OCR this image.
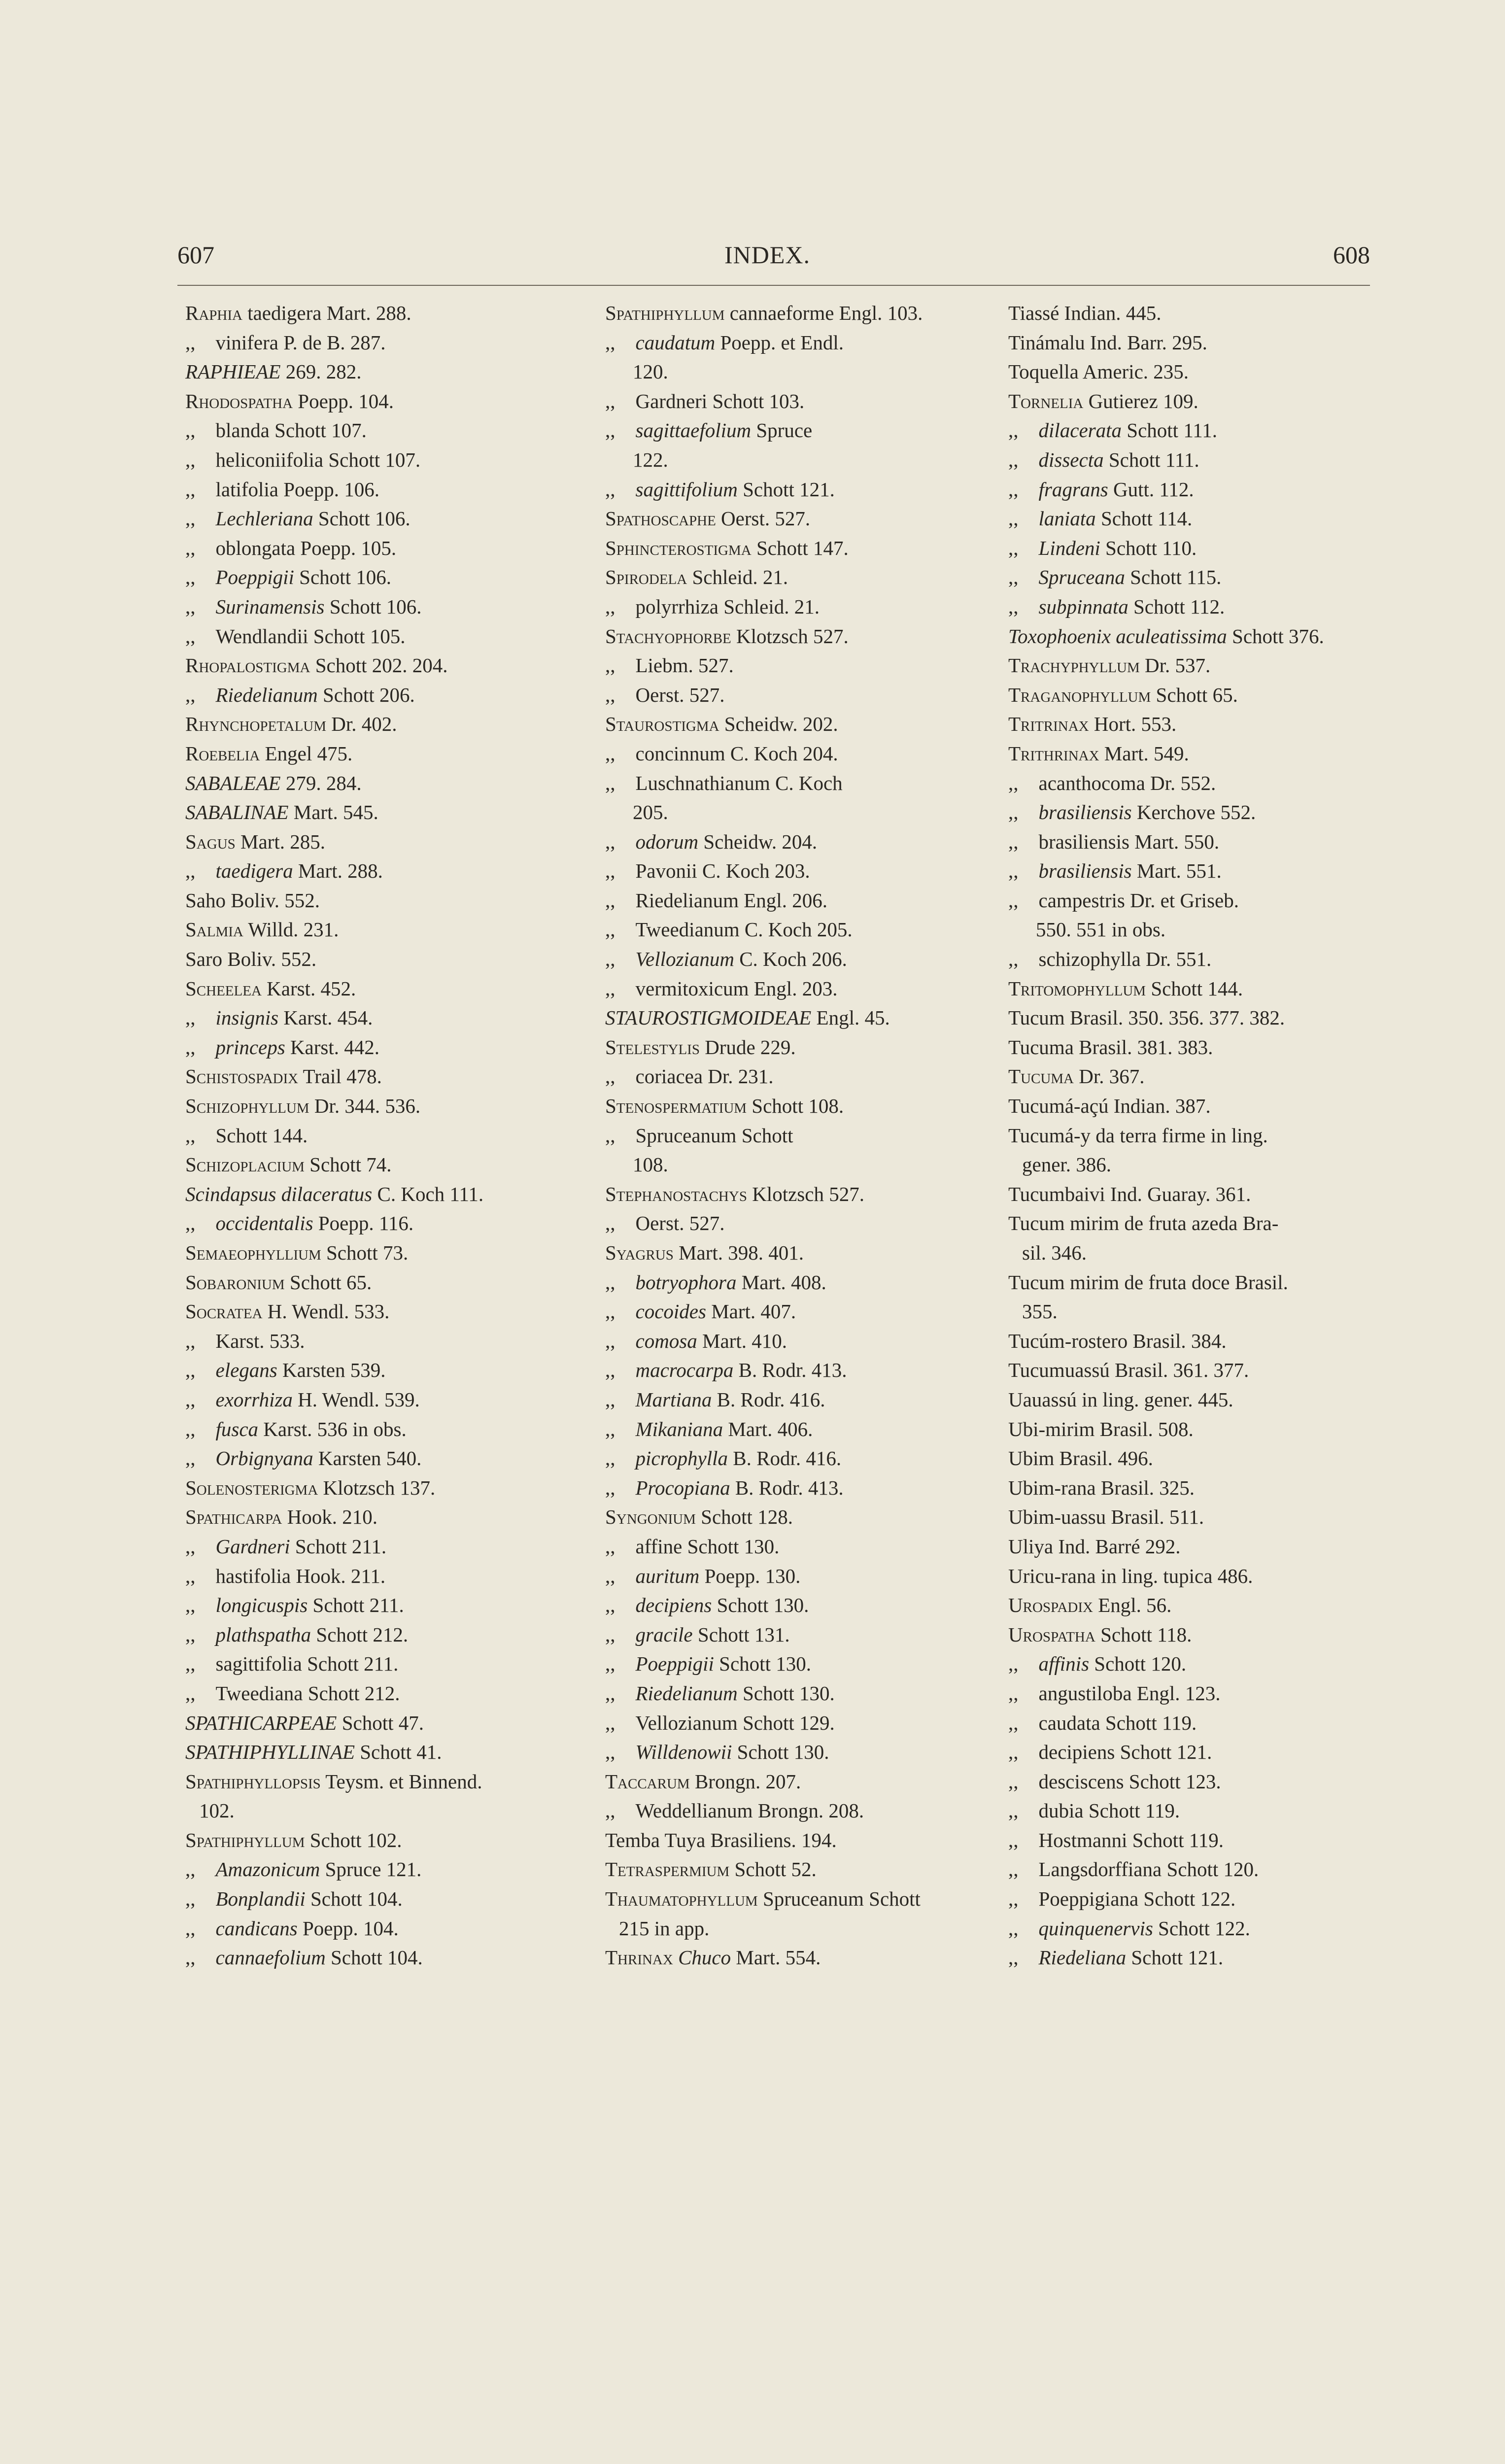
607	INDEX.	608
Raphia taedigera Mart. 288.
,, vinifera P. de B. 287.
RAPHIEAE 269. 282.
Rhodospatha Poepp. 104.
,, blanda Schott 107.
,, heliconiifolia Schott 107.
,, latifolia Poepp. 106.
,, Lechleriana Schott 106.
,, oblongata Poepp. 105.
,, Poeppigii Schott 106.
,, Surinamensis Schott 106.
,, Wendlandii Schott 105.
Rhopalostigma Schott 202. 204.
,, Riedelianum Schott 206.
Rhynchopetalum Dr. 402.
Roebelia Engel 475.
SABALEAE 279. 284.
SABALINAE Mart. 545.
Sagus Mart. 285.
,, taedigera Mart. 288.
Saho Boliv. 552.
Salmia Willd. 231.
Saro Boliv. 552.
Scheelea Karst. 452.
,, insignis Karst. 454.
,, princeps Karst. 442.
Schistospadix Trail 478.
Schizophyllum Dr. 344. 536.
,, Schott 144.
Schizoplacium Schott 74.
Scindapsus dilaceratus C. Koch 111.
,, occidentalis Poepp. 116.
Semaeophyllium Schott 73.
Sobaronium Schott 65.
Socratea H. Wendl. 533.
,, Karst. 533.
,, elegans Karsten 539.
,, exorrhiza H. Wendl. 539.
,, fusca Karst. 536 in obs.
,, Orbignyana Karsten 540.
Solenosterigma Klotzsch 137.
Spathicarpa Hook. 210.
,, Gardneri Schott 211.
,, hastifolia Hook. 211.
,, longicuspis Schott 211.
,, plathspatha Schott 212.
,, sagittifolia Schott 211.
,, Tweediana Schott 212.
SPATHICARPEAE Schott 47.
SPATHIPHYLLINAE Schott 41.
Spathiphyllopsis Teysm. et Binnend.
102.
Spathiphyllum Schott 102.
,, Amazonicum Spruce 121.
,, Bonplandii Schott 104.
,, candicans Poepp. 104.
,, cannaefolium Schott 104.
Spathiphyllum cannaeforme Engl. 103.
,, caudatum Poepp. et Endl.
120.
,, Gardneri Schott 103.
,, sagittaefolium Spruce
122.
,, sagittifolium Schott 121.
Spathoscaphe Oerst. 527.
Sphincterostigma Schott 147.
Spirodela Schleid. 21.
,, polyrrhiza Schleid. 21.
Stachyophorbe Klotzsch 527.
,, Liebm. 527.
,, Oerst. 527.
Staurostigma Scheidw. 202.
,, concinnum C. Koch 204.
,, Luschnathianum C. Koch
205.
,, odorum Scheidw. 204.
,, Pavonii C. Koch 203.
,, Riedelianum Engl. 206.
,, Tweedianum C. Koch 205.
,, Vellozianum C. Koch 206.
,, vermitoxicum Engl. 203.
STAUROSTIGMOIDEAE Engl. 45.
Stelestylis Drude 229.
,, coriacea Dr. 231.
Stenospermatium Schott 108.
,, Spruceanum Schott
108.
Stephanostachys Klotzsch 527.
,, Oerst. 527.
Syagrus Mart. 398. 401.
,, botryophora Mart. 408.
,, cocoides Mart. 407.
,, comosa Mart. 410.
,, macrocarpa B. Rodr. 413.
,, Martiana B. Rodr. 416.
,, Mikaniana Mart. 406.
,, picrophylla B. Rodr. 416.
,, Procopiana B. Rodr. 413.
Syngonium Schott 128.
,, affine Schott 130.
,, auritum Poepp. 130.
,, decipiens Schott 130.
,, gracile Schott 131.
,, Poeppigii Schott 130.
,, Riedelianum Schott 130.
,, Vellozianum Schott 129.
,, Willdenowii Schott 130.
Taccarum Brongn. 207.
,, Weddellianum Brongn. 208.
Temba Tuya Brasiliens. 194.
Tetraspermium Schott 52.
Thaumatophyllum Spruceanum Schott
215 in app.
Thrinax Chuco Mart. 554.
Tiassé Indian. 445.
Tinámalu Ind. Barr. 295.
Toquella Americ. 235.
Tornelia Gutierez 109.
,, dilacerata Schott 111.
,, dissecta Schott 111.
,, fragrans Gutt. 112.
,, laniata Schott 114.
,, Lindeni Schott 110.
,, Spruceana Schott 115.
,, subpinnata Schott 112.
Toxophoenix aculeatissima Schott 376.
Trachyphyllum Dr. 537.
Traganophyllum Schott 65.
Tritrinax Hort. 553.
Trithrinax Mart. 549.
,, acanthocoma Dr. 552.
,, brasiliensis Kerchove 552.
,, brasiliensis Mart. 550.
,, brasiliensis Mart. 551.
,, campestris Dr. et Griseb.
550. 551 in obs.
,, schizophylla Dr. 551.
Tritomophyllum Schott 144.
Tucum Brasil. 350. 356. 377. 382.
Tucuma Brasil. 381. 383.
Tucuma Dr. 367.
Tucumá-açú Indian. 387.
Tucumá-y da terra firme in ling.
gener. 386.
Tucumbaivi Ind. Guaray. 361.
Tucum mirim de fruta azeda Bra-
sil. 346.
Tucum mirim de fruta doce Brasil.
355.
Tucúm-rostero Brasil. 384.
Tucumuassú Brasil. 361. 377.
Uauassú in ling. gener. 445.
Ubi-mirim Brasil. 508.
Ubim Brasil. 496.
Ubim-rana Brasil. 325.
Ubim-uassu Brasil. 511.
Uliya Ind. Barré 292.
Uricu-rana in ling. tupica 486.
Urospadix Engl. 56.
Urospatha Schott 118.
,, affinis Schott 120.
,, angustiloba Engl. 123.
,, caudata Schott 119.
,, decipiens Schott 121.
,, desciscens Schott 123.
,, dubia Schott 119.
,, Hostmanni Schott 119.
,, Langsdorffiana Schott 120.
,, Poeppigiana Schott 122.
,, quinquenervis Schott 122.
,, Riedeliana Schott 121.
